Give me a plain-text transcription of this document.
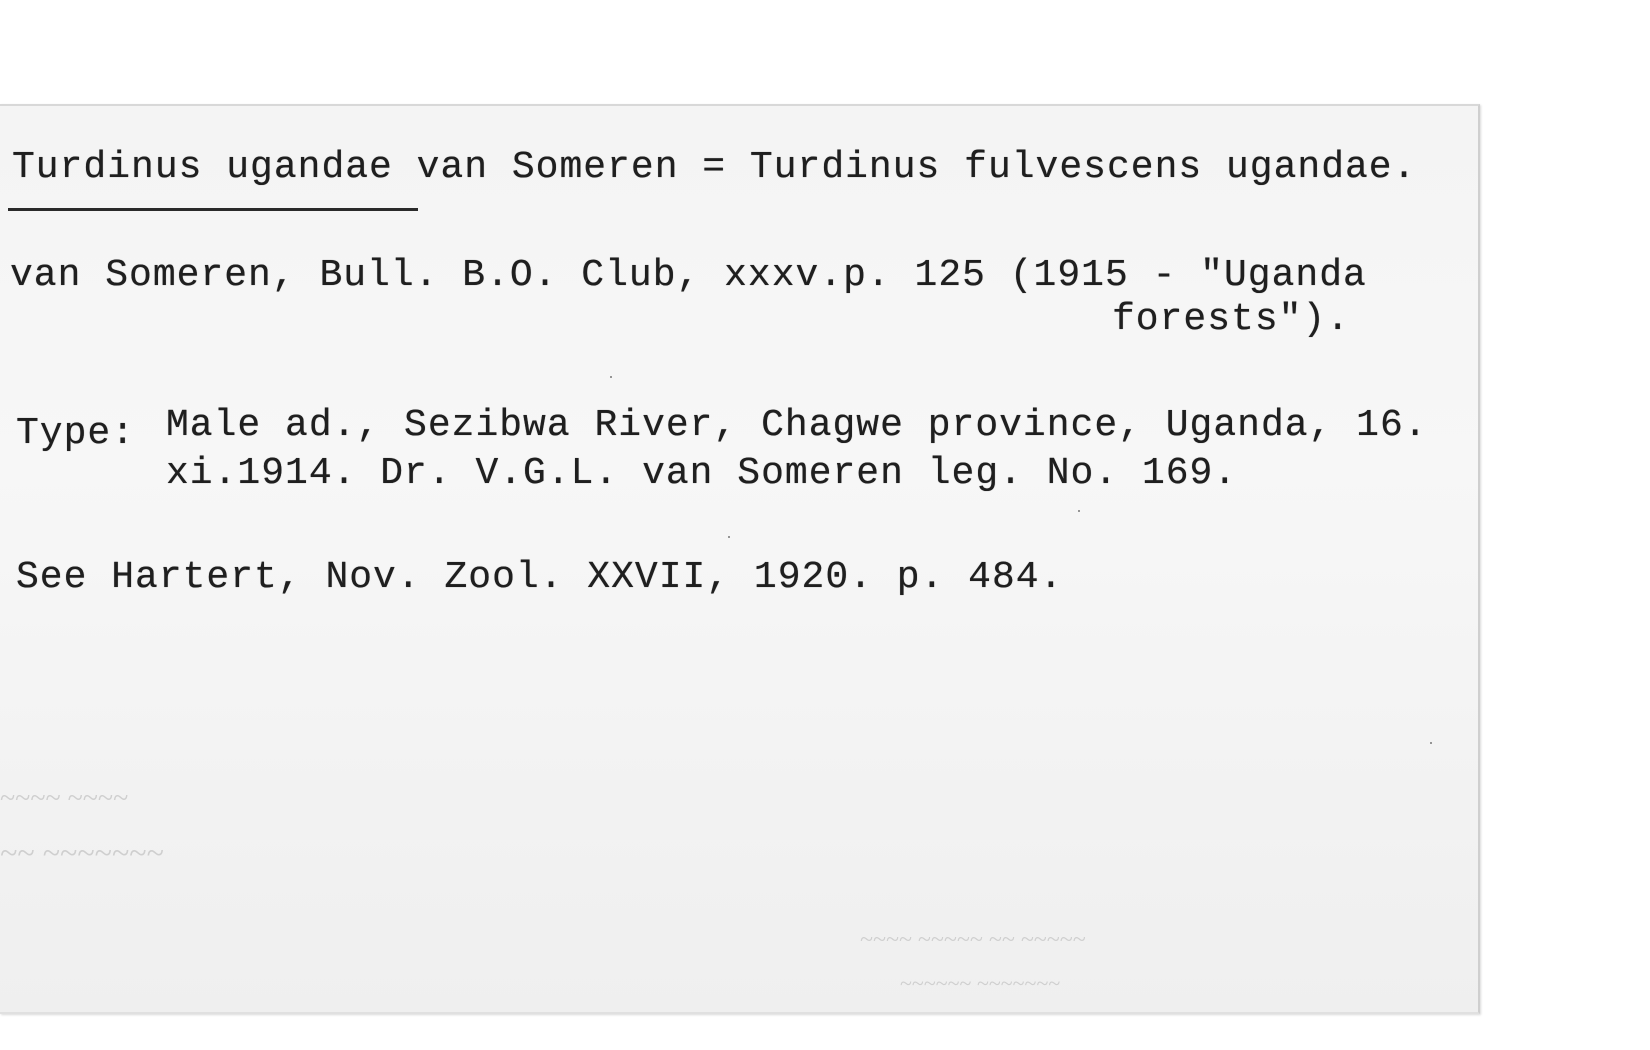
~~~~ ~~~~
~~~~~~~ ~~
~~~~~ ~~ ~~~~~ ~~~~
~~~~~~~ ~~~~~~
Turdinus ugandae van Someren = Turdinus fulvescens ugandae.
van Someren, Bull. B.O. Club, xxxv.p. 125 (1915 - "Uganda
forests").
Type: Male ad., Sezibwa River, Chagwe province, Uganda, 16.
xi.1914. Dr. V.G.L. van Someren leg. No. 169.
See Hartert, Nov. Zool. XXVII, 1920. p. 484.
